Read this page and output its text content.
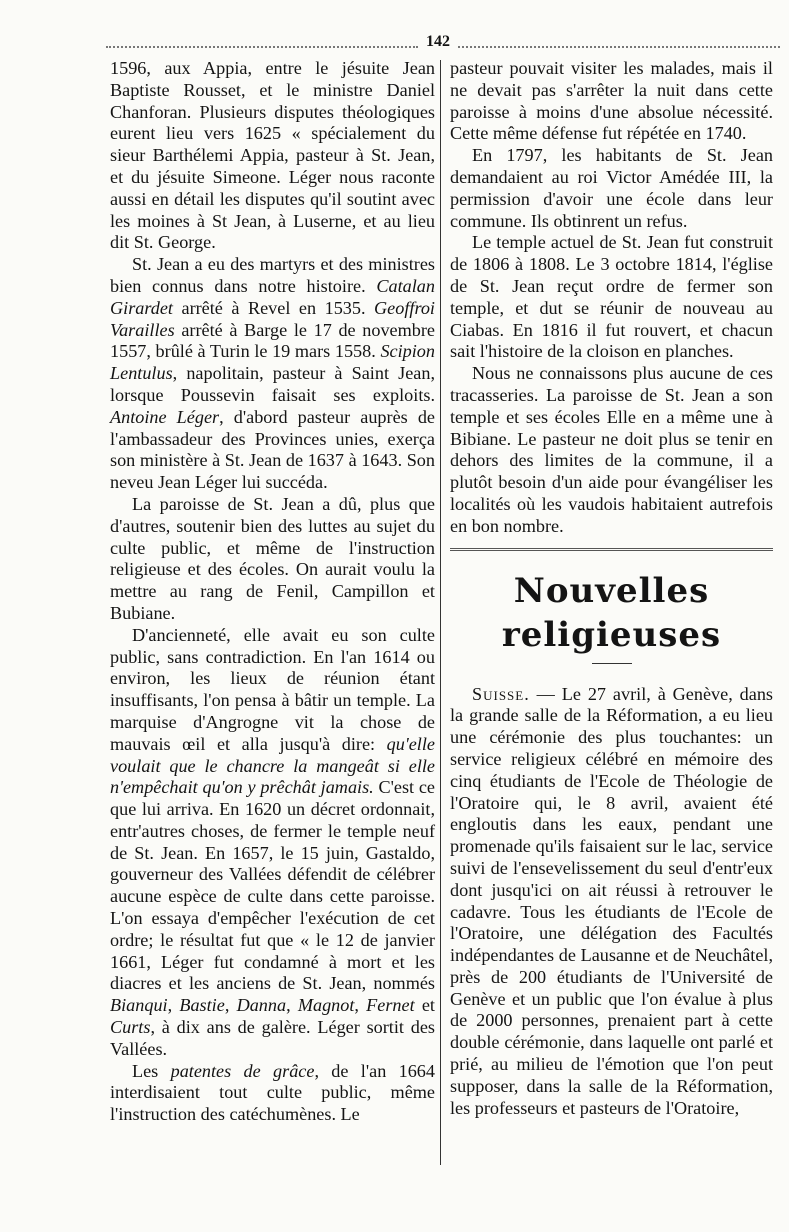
142

1596, aux Appia, entre le jésuite Jean Baptiste Rousset, et le ministre Daniel Chanforan. Plusieurs disputes théologiques eurent lieu vers 1625 « spécialement du sieur Barthélemi Appia, pasteur à St. Jean, et du jésuite Simeone. Léger nous raconte aussi en détail les disputes qu'il soutint avec les moines à St Jean, à Luserne, et au lieu dit St. George.

St. Jean a eu des martyrs et des ministres bien connus dans notre histoire. Catalan Girardet arrêté à Revel en 1535. Geoffroi Varailles arrêté à Barge le 17 de novembre 1557, brûlé à Turin le 19 mars 1558. Scipion Lentulus, napolitain, pasteur à Saint Jean, lorsque Poussevin faisait ses exploits. Antoine Léger, d'abord pasteur auprès de l'ambassadeur des Provinces unies, exerça son ministère à St. Jean de 1637 à 1643. Son neveu Jean Léger lui succéda.

La paroisse de St. Jean a dû, plus que d'autres, soutenir bien des luttes au sujet du culte public, et même de l'instruction religieuse et des écoles. On aurait voulu la mettre au rang de Fenil, Campillon et Bubiane.

D'ancienneté, elle avait eu son culte public, sans contradiction. En l'an 1614 ou environ, les lieux de réunion étant insuffisants, l'on pensa à bâtir un temple. La marquise d'Angrogne vit la chose de mauvais œil et alla jusqu'à dire: qu'elle voulait que le chancre la mangeât si elle n'empêchait qu'on y prêchât jamais. C'est ce que lui arriva. En 1620 un décret ordonnait, entr'autres choses, de fermer le temple neuf de St. Jean. En 1657, le 15 juin, Gastaldo, gouverneur des Vallées défendit de célébrer aucune espèce de culte dans cette paroisse. L'on essaya d'empêcher l'exécution de cet ordre; le résultat fut que « le 12 de janvier 1661, Léger fut condamné à mort et les diacres et les anciens de St. Jean, nommés Bianqui, Bastie, Danna, Magnot, Fernet et Curts, à dix ans de galère. Léger sortit des Vallées.

Les patentes de grâce, de l'an 1664 interdisaient tout culte public, même l'instruction des catéchumènes. Le

pasteur pouvait visiter les malades, mais il ne devait pas s'arrêter la nuit dans cette paroisse à moins d'une absolue nécessité. Cette même défense fut répétée en 1740.

En 1797, les habitants de St. Jean demandaient au roi Victor Amédée III, la permission d'avoir une école dans leur commune. Ils obtinrent un refus.

Le temple actuel de St. Jean fut construit de 1806 à 1808. Le 3 octobre 1814, l'église de St. Jean reçut ordre de fermer son temple, et dut se réunir de nouveau au Ciabas. En 1816 il fut rouvert, et chacun sait l'histoire de la cloison en planches.

Nous ne connaissons plus aucune de ces tracasseries. La paroisse de St. Jean a son temple et ses écoles Elle en a même une à Bibiane. Le pasteur ne doit plus se tenir en dehors des limites de la commune, il a plutôt besoin d'un aide pour évangéliser les localités où les vaudois habitaient autrefois en bon nombre.

Nouvelles religieuses

Suisse. — Le 27 avril, à Genève, dans la grande salle de la Réformation, a eu lieu une cérémonie des plus touchantes: un service religieux célébré en mémoire des cinq étudiants de l'Ecole de Théologie de l'Oratoire qui, le 8 avril, avaient été engloutis dans les eaux, pendant une promenade qu'ils faisaient sur le lac, service suivi de l'ensevelissement du seul d'entr'eux dont jusqu'ici on ait réussi à retrouver le cadavre. Tous les étudiants de l'Ecole de l'Oratoire, une délégation des Facultés indépendantes de Lausanne et de Neuchâtel, près de 200 étudiants de l'Université de Genève et un public que l'on évalue à plus de 2000 personnes, prenaient part à cette double cérémonie, dans laquelle ont parlé et prié, au milieu de l'émotion que l'on peut supposer, dans la salle de la Réformation, les professeurs et pasteurs de l'Oratoire,
